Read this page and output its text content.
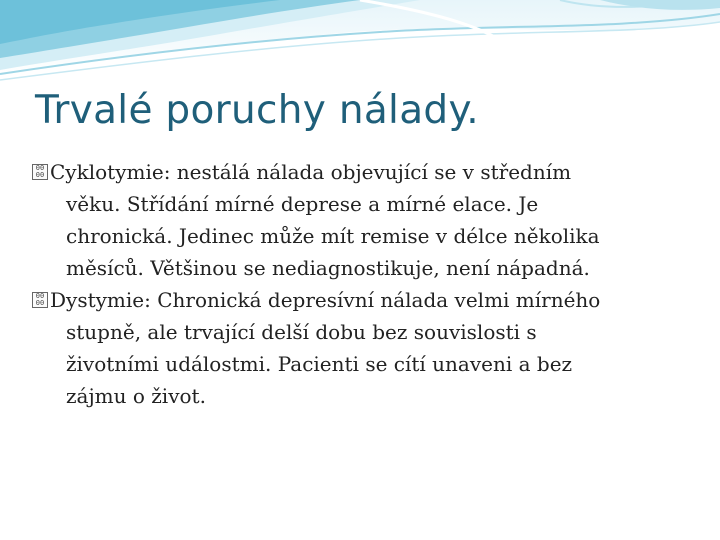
Trvalé poruchy nálady.
00
00 Cyklotymie: nestálá nálada objevující se v středním
věku. Střídání mírné deprese a mírné elace. Je
chronická. Jedinec může mít remise v délce několika
měsíců. Většinou se nediagnostikuje, není nápadná.
00
00 Dystymie: Chronická depresívní nálada velmi mírného
stupně, ale trvající delší dobu bez souvislosti s
životními událostmi. Pacienti se cítí unaveni a bez
zájmu o život.
